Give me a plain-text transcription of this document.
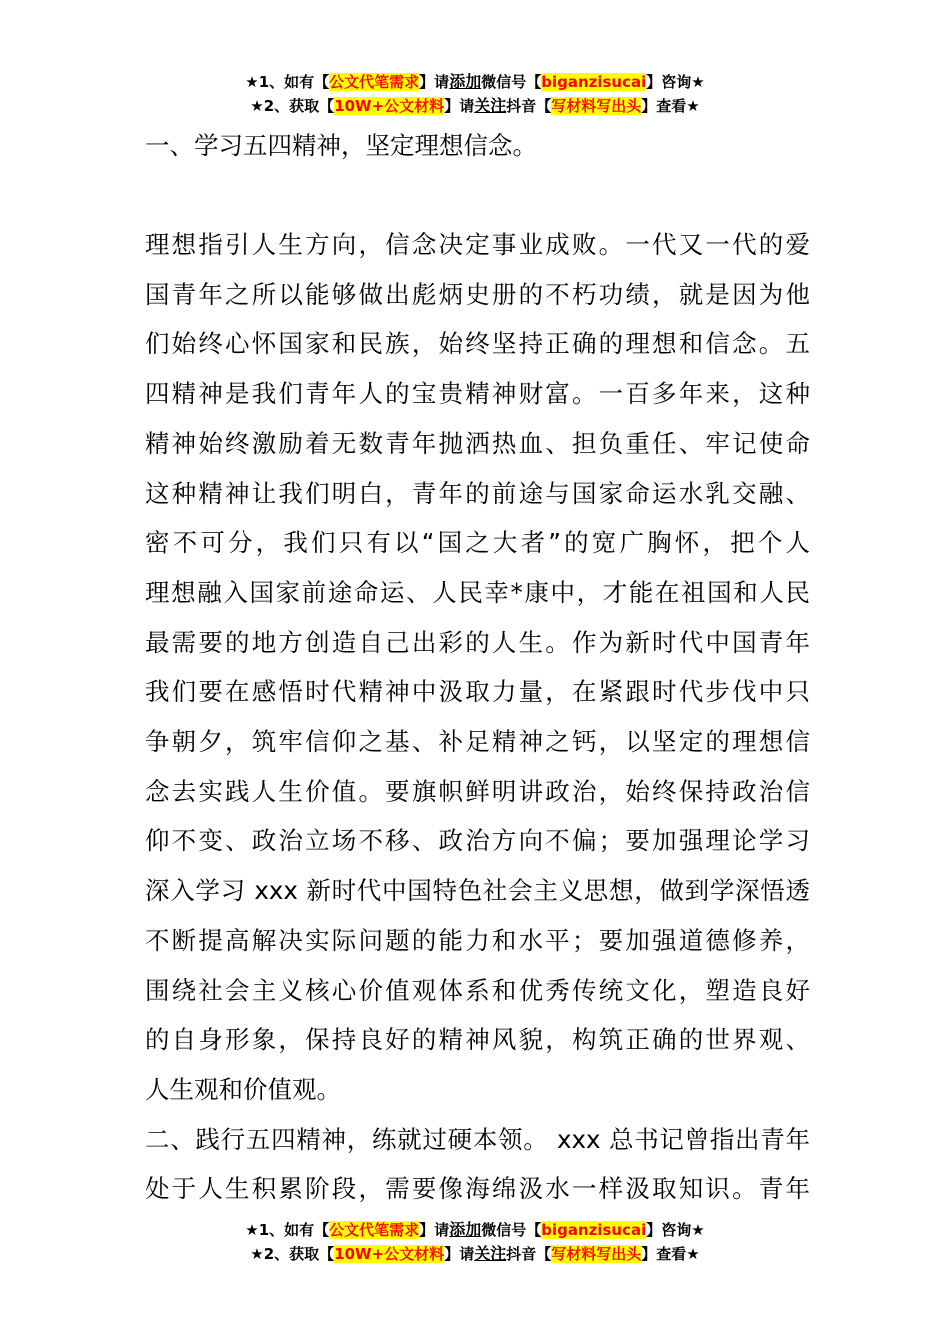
★1、如有【公文代笔需求】请添加微信号【biganzisucai】咨询★
★2、获取【10W+公文材料】请关注抖音【写材料写出头】查看★
一、学习五四精神，坚定理想信念。
理想指引人生方向，信念决定事业成败。一代又一代的爱
国青年之所以能够做出彪炳史册的不朽功绩，就是因为他
们始终心怀国家和民族，始终坚持正确的理想和信念。五
四精神是我们青年人的宝贵精神财富。一百多年来，这种
精神始终激励着无数青年抛洒热血、担负重任、牢记使命
这种精神让我们明白，青年的前途与国家命运水乳交融、
密不可分，我们只有以“国之大者”的宽广胸怀，把个人
理想融入国家前途命运、人民幸*康中，才能在祖国和人民
最需要的地方创造自己出彩的人生。作为新时代中国青年
我们要在感悟时代精神中汲取力量，在紧跟时代步伐中只
争朝夕，筑牢信仰之基、补足精神之钙，以坚定的理想信
念去实践人生价值。要旗帜鲜明讲政治，始终保持政治信
仰不变、政治立场不移、政治方向不偏；要加强理论学习
深入学习 xxx 新时代中国特色社会主义思想，做到学深悟透
不断提高解决实际问题的能力和水平；要加强道德修养，
围绕社会主义核心价值观体系和优秀传统文化，塑造良好
的自身形象，保持良好的精神风貌，构筑正确的世界观、
人生观和价值观。
二、践行五四精神，练就过硬本领。 xxx 总书记曾指出青年
处于人生积累阶段，需要像海绵汲水一样汲取知识。青年
★1、如有【公文代笔需求】请添加微信号【biganzisucai】咨询★
★2、获取【10W+公文材料】请关注抖音【写材料写出头】查看★
